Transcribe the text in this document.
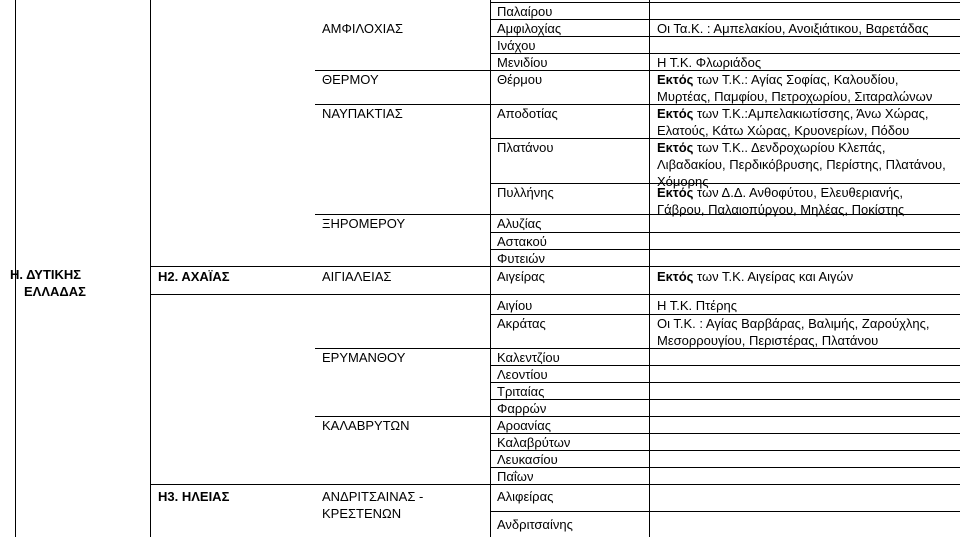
Η. ΔΥΤΙΚΗΣ
ΕΛΛΑΔΑΣ
Η2. ΑΧΑΪΑΣ
Η3. ΗΛΕΙΑΣ
ΑΜΦΙΛΟΧΙΑΣ
ΘΕΡΜΟΥ
ΝΑΥΠΑΚΤΙΑΣ
ΞΗΡΟΜΕΡΟΥ
ΑΙΓΙΑΛΕΙΑΣ
ΕΡΥΜΑΝΘΟΥ
ΚΑΛΑΒΡΥΤΩΝ
ΑΝΔΡΙΤΣΑΙΝΑΣ -
ΚΡΕΣΤΕΝΩΝ
Παλαίρου
Αμφιλοχίας
Ινάχου
Μενιδίου
Θέρμου
Αποδοτίας
Πλατάνου
Πυλλήνης
Αλυζίας
Αστακού
Φυτειών
Αιγείρας
Αιγίου
Ακράτας
Καλεντζίου
Λεοντίου
Τριταίας
Φαρρών
Αροανίας
Καλαβρύτων
Λευκασίου
Παΐων
Αλιφείρας
Ανδριτσαίνης
Οι Τα.Κ. : Αμπελακίου, Ανοιξιάτικου, Βαρετάδας
Η Τ.Κ. Φλωριάδος
Εκτός των Τ.Κ.: Αγίας Σοφίας, Καλουδίου,
Μυρτέας, Παμφίου, Πετροχωρίου, Σιταραλώνων
Εκτός των Τ.Κ.:Αμπελακιωτίσσης, Άνω Χώρας,
Ελατούς, Κάτω Χώρας, Κρυονερίων, Πόδου
Εκτός των Τ.Κ.. Δενδροχωρίου Κλεπάς,
Λιβαδακίου, Περδικόβρυσης, Περίστης, Πλατάνου,
Χόμορης
Εκτός των Δ.Δ. Ανθοφύτου, Ελευθεριανής,
Γάβρου, Παλαιοπύργου, Μηλέας, Ποκίστης
Εκτός των Τ.Κ. Αιγείρας και Αιγών
Η Τ.Κ. Πτέρης
Οι Τ.Κ. : Αγίας Βαρβάρας, Βαλιμής, Ζαρούχλης,
Μεσορρουγίου, Περιστέρας, Πλατάνου
